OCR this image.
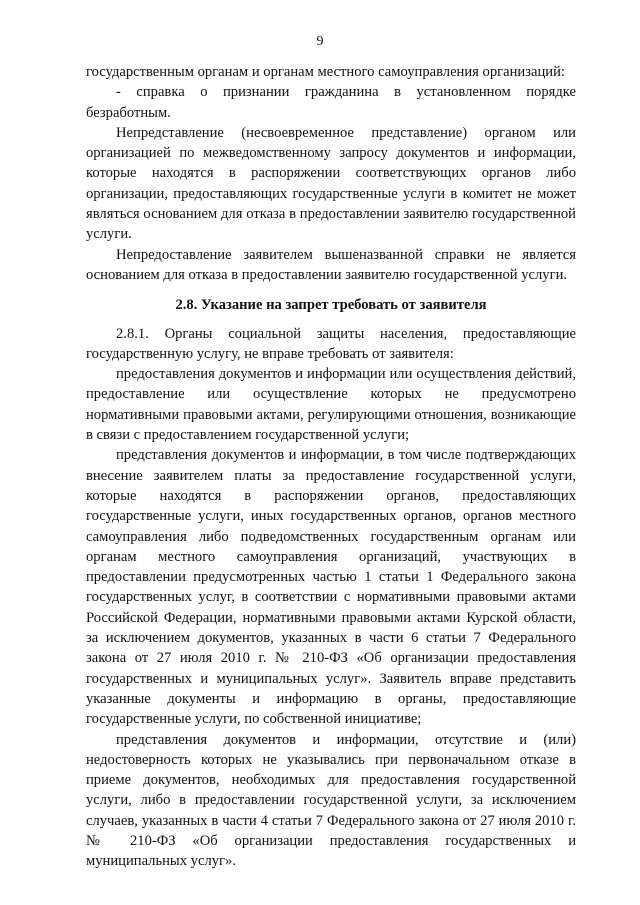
9

государственным органам и органам местного самоуправления организаций:

- справка о признании гражданина в установленном порядке безработным.

Непредставление (несвоевременное представление) органом или организацией по межведомственному запросу документов и информации, которые находятся в распоряжении соответствующих органов либо организации, предоставляющих государственные услуги в комитет не может являться основанием для отказа в предоставлении заявителю государственной услуги.

Непредоставление заявителем вышеназванной справки не является основанием для отказа в предоставлении заявителю государственной услуги.

2.8. Указание на запрет требовать от заявителя

2.8.1. Органы социальной защиты населения, предоставляющие государственную услугу, не вправе требовать от заявителя:

предоставления документов и информации или осуществления действий, предоставление или осуществление которых не предусмотрено нормативными правовыми актами, регулирующими отношения, возникающие в связи с предоставлением государственной услуги;

представления документов и информации, в том числе подтверждающих внесение заявителем платы за предоставление государственной услуги, которые находятся в распоряжении органов, предоставляющих государственные услуги, иных государственных органов, органов местного самоуправления либо подведомственных государственным органам или органам местного самоуправления организаций, участвующих в предоставлении предусмотренных частью 1 статьи 1 Федерального закона государственных услуг, в соответствии с нормативными правовыми актами Российской Федерации, нормативными правовыми актами Курской области, за исключением документов, указанных в части 6 статьи 7 Федерального закона от 27 июля 2010 г. № 210-ФЗ «Об организации предоставления государственных и муниципальных услуг». Заявитель вправе представить указанные документы и информацию в органы, предоставляющие государственные услуги, по собственной инициативе;

представления документов и информации, отсутствие и (или) недостоверность которых не указывались при первоначальном отказе в приеме документов, необходимых для предоставления государственной услуги, либо в предоставлении государственной услуги, за исключением случаев, указанных в части 4 статьи 7 Федерального закона от 27 июля 2010 г. № 210-ФЗ «Об организации предоставления государственных и муниципальных услуг».
